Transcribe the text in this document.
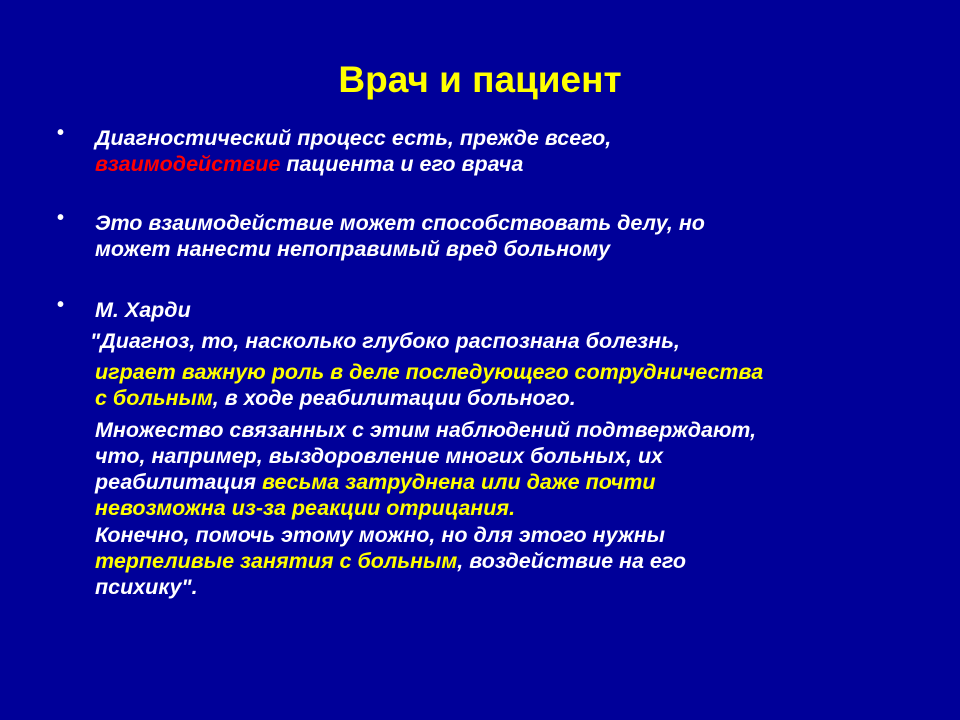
Врач и пациент
• Диагностический процесс есть, прежде всего,
взаимодействие пациента и его врача
• Это взаимодействие может способствовать делу, но
может нанести непоправимый вред больному
• М. Харди
"Диагноз, то, насколько глубоко распознана болезнь,
играет важную роль в деле последующего сотрудничества
с больным, в ходе реабилитации больного.
Множество связанных с этим наблюдений подтверждают,
что, например, выздоровление многих больных, их
реабилитация весьма затруднена или даже почти
невозможна из-за реакции отрицания.
Конечно, помочь этому можно, но для этого нужны
терпеливые занятия с больным, воздействие на его
психику".
